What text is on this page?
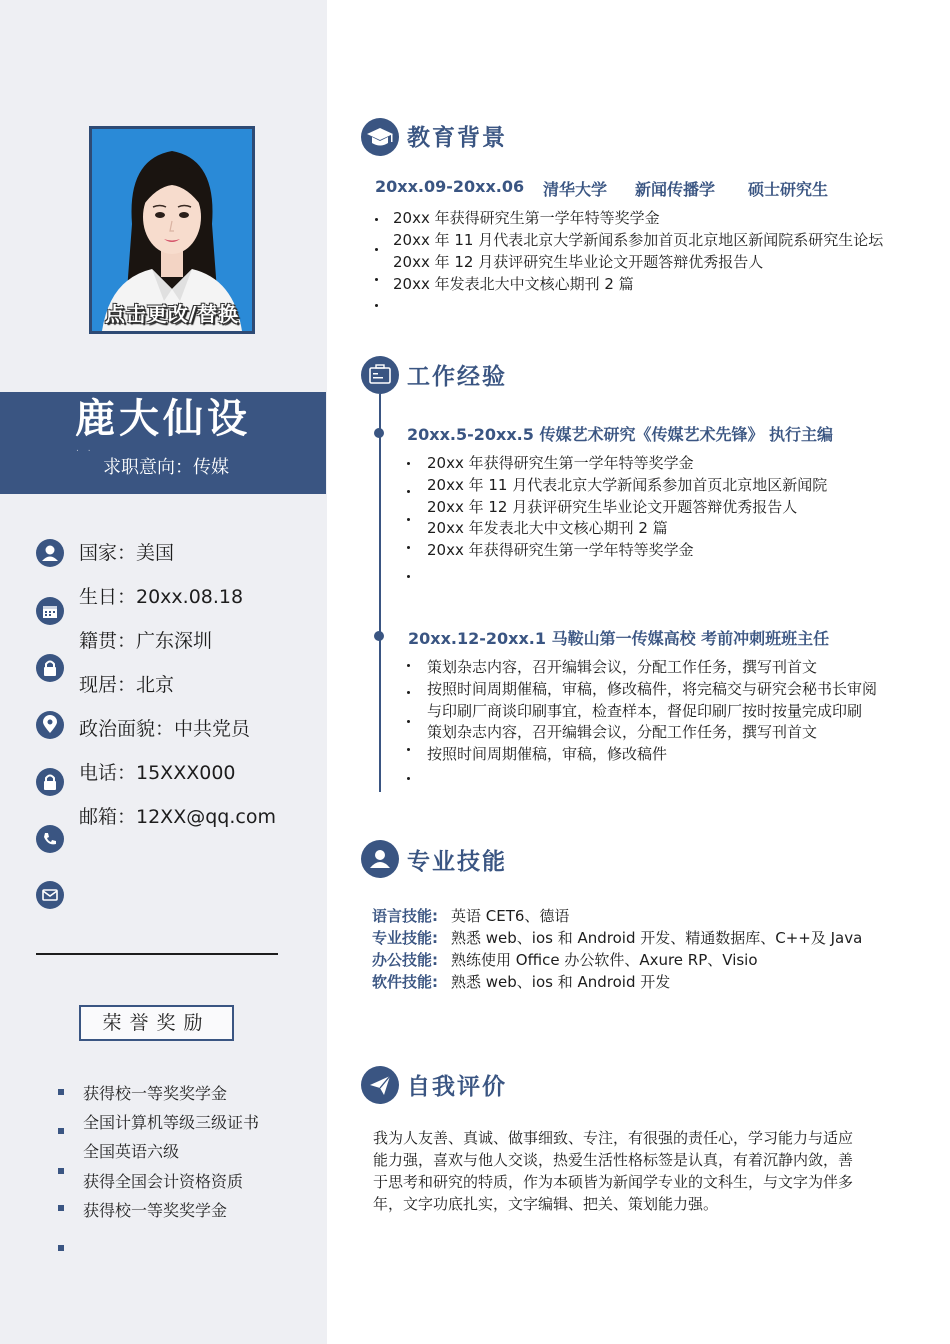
点击更改/替换
鹿大仙设
. .
求职意向：传媒
国家：美国
生日：20xx.08.18
籍贯：广东深圳
现居：北京
政治面貌：中共党员
电话：15XXX000
邮箱：12XX@qq.com
荣誉奖励
获得校一等奖奖学金
全国计算机等级三级证书
全国英语六级
获得全国会计资格资质
获得校一等奖奖学金
教育背景
20xx.09-20xx.06 清华大学 新闻传播学 硕士研究生
20xx 年获得研究生第一学年特等奖学金
20xx 年 11 月代表北京大学新闻系参加首页北京地区新闻院系研究生论坛
20xx 年 12 月获评研究生毕业论文开题答辩优秀报告人
20xx 年发表北大中文核心期刊 2 篇
工作经验
20xx.5-20xx.5 传媒艺术研究《传媒艺术先锋》 执行主编
20xx 年获得研究生第一学年特等奖学金
20xx 年 11 月代表北京大学新闻系参加首页北京地区新闻院
20xx 年 12 月获评研究生毕业论文开题答辩优秀报告人
20xx 年发表北大中文核心期刊 2 篇
20xx 年获得研究生第一学年特等奖学金
20xx.12-20xx.1 马鞍山第一传媒高校 考前冲刺班班主任
策划杂志内容，召开编辑会议，分配工作任务，撰写刊首文
按照时间周期催稿，审稿，修改稿件，将完稿交与研究会秘书长审阅
与印刷厂商谈印刷事宜，检查样本，督促印刷厂按时按量完成印刷
策划杂志内容，召开编辑会议，分配工作任务，撰写刊首文
按照时间周期催稿，审稿，修改稿件
专业技能
语言技能: 英语 CET6、德语
专业技能: 熟悉 web、ios 和 Android 开发、精通数据库、C++及 Java
办公技能: 熟练使用 Office 办公软件、Axure RP、Visio
软件技能: 熟悉 web、ios 和 Android 开发
自我评价
我为人友善、真诚、做事细致、专注，有很强的责任心，学习能力与适应
能力强，喜欢与他人交谈，热爱生活性格标签是认真，有着沉静内敛，善
于思考和研究的特质，作为本硕皆为新闻学专业的文科生，与文字为伴多
年，文字功底扎实，文字编辑、把关、策划能力强。
